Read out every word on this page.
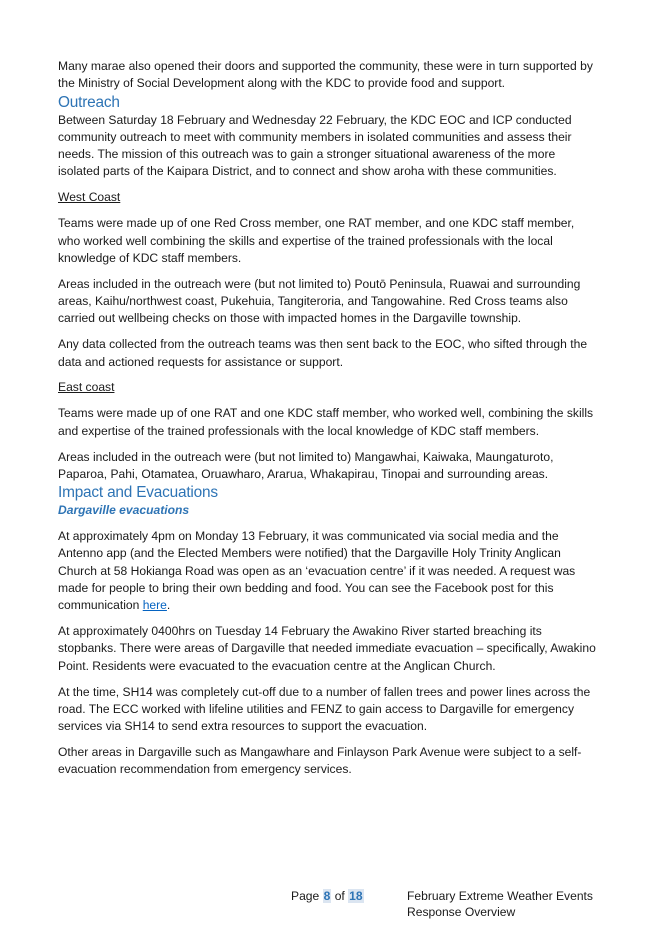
Many marae also opened their doors and supported the community, these were in turn supported by the Ministry of Social Development along with the KDC to provide food and support.

Outreach

Between Saturday 18 February and Wednesday 22 February, the KDC EOC and ICP conducted community outreach to meet with community members in isolated communities and assess their needs. The mission of this outreach was to gain a stronger situational awareness of the more isolated parts of the Kaipara District, and to connect and show aroha with these communities.

West Coast

Teams were made up of one Red Cross member, one RAT member, and one KDC staff member, who worked well combining the skills and expertise of the trained professionals with the local knowledge of KDC staff members.

Areas included in the outreach were (but not limited to) Poutō Peninsula, Ruawai and surrounding areas, Kaihu/northwest coast, Pukehuia, Tangiteroria, and Tangowahine. Red Cross teams also carried out wellbeing checks on those with impacted homes in the Dargaville township.

Any data collected from the outreach teams was then sent back to the EOC, who sifted through the data and actioned requests for assistance or support.

East coast

Teams were made up of one RAT and one KDC staff member, who worked well, combining the skills and expertise of the trained professionals with the local knowledge of KDC staff members.

Areas included in the outreach were (but not limited to) Mangawhai, Kaiwaka, Maungaturoto, Paparoa, Pahi, Otamatea, Oruawharo, Ararua, Whakapirau, Tinopai and surrounding areas.

Impact and Evacuations

Dargaville evacuations

At approximately 4pm on Monday 13 February, it was communicated via social media and the Antenno app (and the Elected Members were notified) that the Dargaville Holy Trinity Anglican Church at 58 Hokianga Road was open as an ‘evacuation centre’ if it was needed. A request was made for people to bring their own bedding and food. You can see the Facebook post for this communication here.

At approximately 0400hrs on Tuesday 14 February the Awakino River started breaching its stopbanks. There were areas of Dargaville that needed immediate evacuation – specifically, Awakino Point. Residents were evacuated to the evacuation centre at the Anglican Church.

At the time, SH14 was completely cut-off due to a number of fallen trees and power lines across the road. The ECC worked with lifeline utilities and FENZ to gain access to Dargaville for emergency services via SH14 to send extra resources to support the evacuation.

Other areas in Dargaville such as Mangawhare and Finlayson Park Avenue were subject to a self-evacuation recommendation from emergency services.

Page 8 of 18	February Extreme Weather Events
Response Overview
